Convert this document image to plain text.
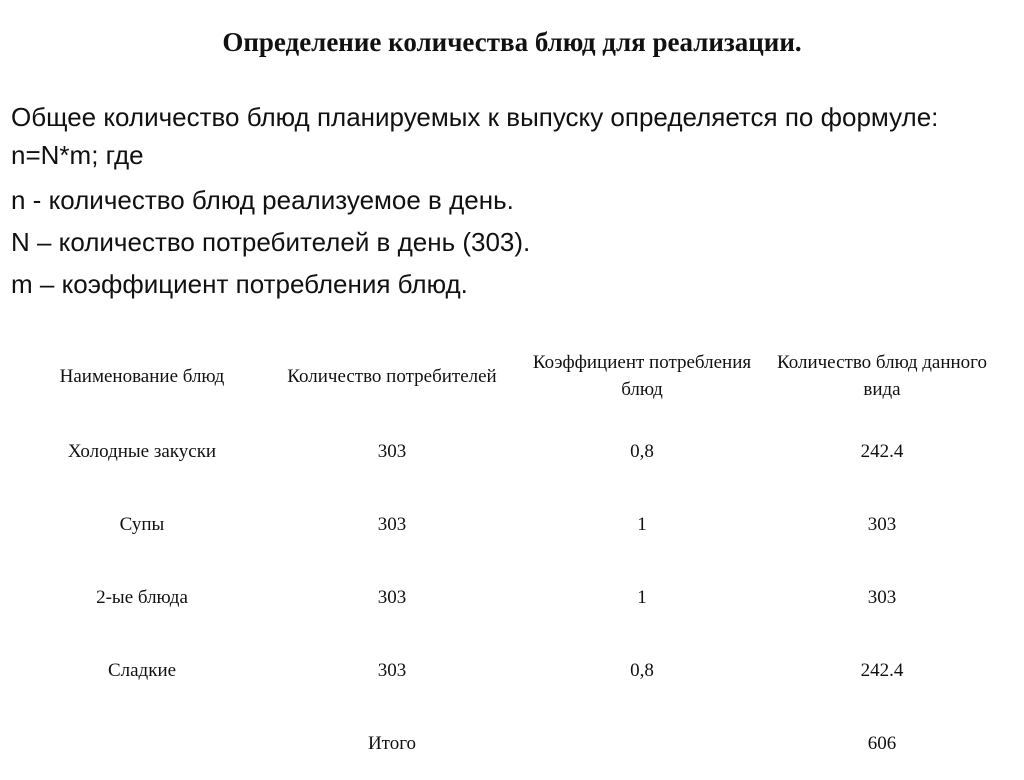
Определение количества блюд для реализации.

Общее количество блюд планируемых к выпуску определяется по формуле: n=N*m; где

n - количество блюд реализуемое в день.

N – количество потребителей в день (303).

m – коэффициент потребления блюд.

Наименование блюд	Количество потребителей	Коэффициент потребления блюд	Количество блюд данного вида
Холодные закуски	303	0,8	242.4
Супы	303	1	303
2-ые блюда	303	1	303
Сладкие	303	0,8	242.4
	Итого		606
